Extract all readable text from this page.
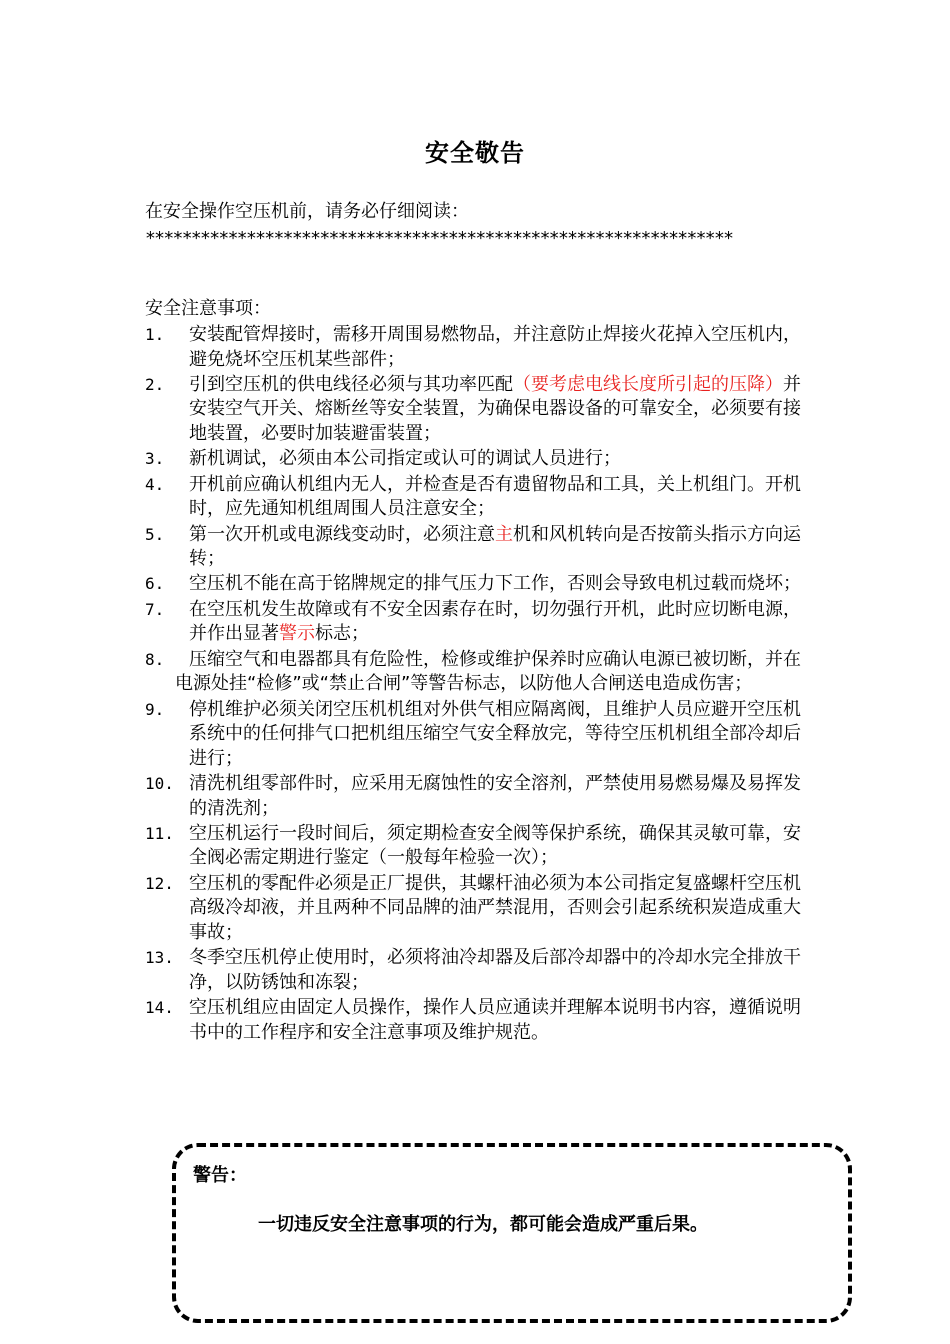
安全敬告
在安全操作空压机前，请务必仔细阅读：
****************************************************************
安全注意事项：
1. 安装配管焊接时，需移开周围易燃物品，并注意防止焊接火花掉入空压机内，避免烧坏空压机某些部件；
2. 引到空压机的供电线径必须与其功率匹配（要考虑电线长度所引起的压降）并安装空气开关、熔断丝等安全装置，为确保电器设备的可靠安全，必须要有接地装置，必要时加装避雷装置；
3. 新机调试，必须由本公司指定或认可的调试人员进行；
4. 开机前应确认机组内无人，并检查是否有遗留物品和工具，关上机组门。开机时，应先通知机组周围人员注意安全；
5. 第一次开机或电源线变动时，必须注意主机和风机转向是否按箭头指示方向运转；
6. 空压机不能在高于铭牌规定的排气压力下工作，否则会导致电机过载而烧坏；
7. 在空压机发生故障或有不安全因素存在时，切勿强行开机，此时应切断电源，并作出显著警示标志；
8. 压缩空气和电器都具有危险性，检修或维护保养时应确认电源已被切断，并在电源处挂“检修”或“禁止合闸”等警告标志，以防他人合闸送电造成伤害；
9. 停机维护必须关闭空压机机组对外供气相应隔离阀，且维护人员应避开空压机系统中的任何排气口把机组压缩空气安全释放完，等待空压机机组全部冷却后进行；
10. 清洗机组零部件时，应采用无腐蚀性的安全溶剂，严禁使用易燃易爆及易挥发的清洗剂；
11. 空压机运行一段时间后，须定期检查安全阀等保护系统，确保其灵敏可靠，安全阀必需定期进行鉴定（一般每年检验一次）；
12. 空压机的零配件必须是正厂提供，其螺杆油必须为本公司指定复盛螺杆空压机高级冷却液，并且两种不同品牌的油严禁混用，否则会引起系统积炭造成重大事故；
13. 冬季空压机停止使用时，必须将油冷却器及后部冷却器中的冷却水完全排放干净，以防锈蚀和冻裂；
14. 空压机组应由固定人员操作，操作人员应通读并理解本说明书内容，遵循说明书中的工作程序和安全注意事项及维护规范。
警告：
一切违反安全注意事项的行为，都可能会造成严重后果。
